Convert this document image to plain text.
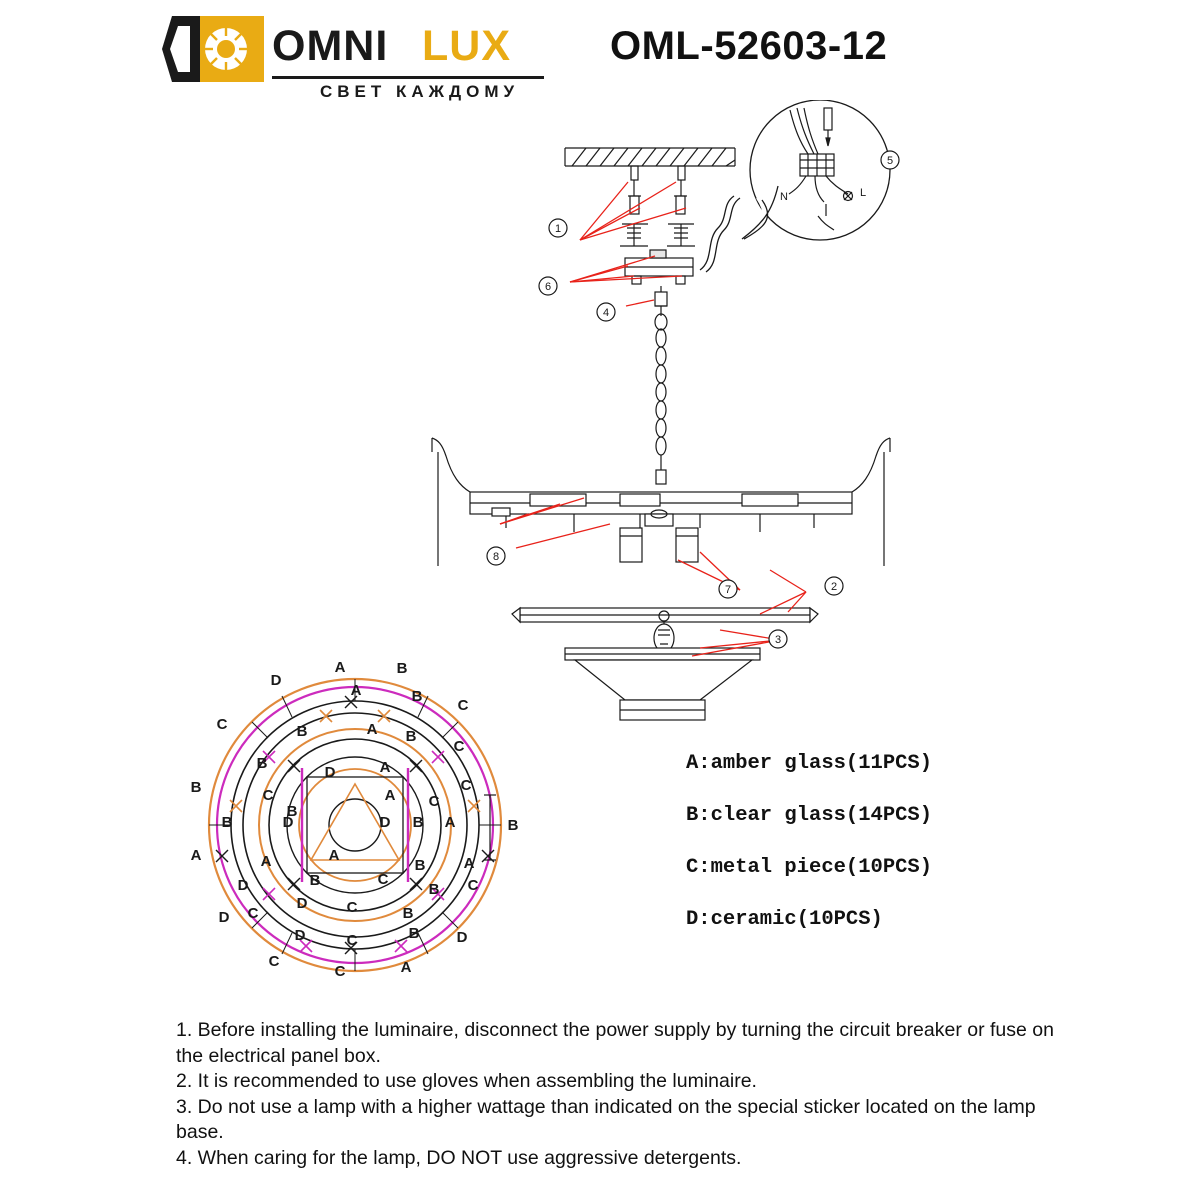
OMNI LUX
СВЕТ КАЖДОМУ
OML-52603-12
N	L
1
6
4
5
8
7	2
3
A	B
D
A	B
C
C	B	A B
C
B
D	A
C
B	C
B
A C
B	D	D B A	B
A	A	A
B	A
D	B	C
B C
C
D	C	B
D
D	C	B D
C
C	A
A:amber glass(11PCS)
B:clear glass(14PCS)
C:metal piece(10PCS)
D:ceramic(10PCS)

1. Before installing the luminaire, disconnect the power supply by turning the circuit breaker or fuse on the electrical panel box.

2. It is recommended to use gloves when assembling the luminaire.

3. Do not use a lamp with a higher wattage than indicated on the special sticker located on the lamp base.

4. When caring for the lamp, DO NOT use aggressive detergents.
